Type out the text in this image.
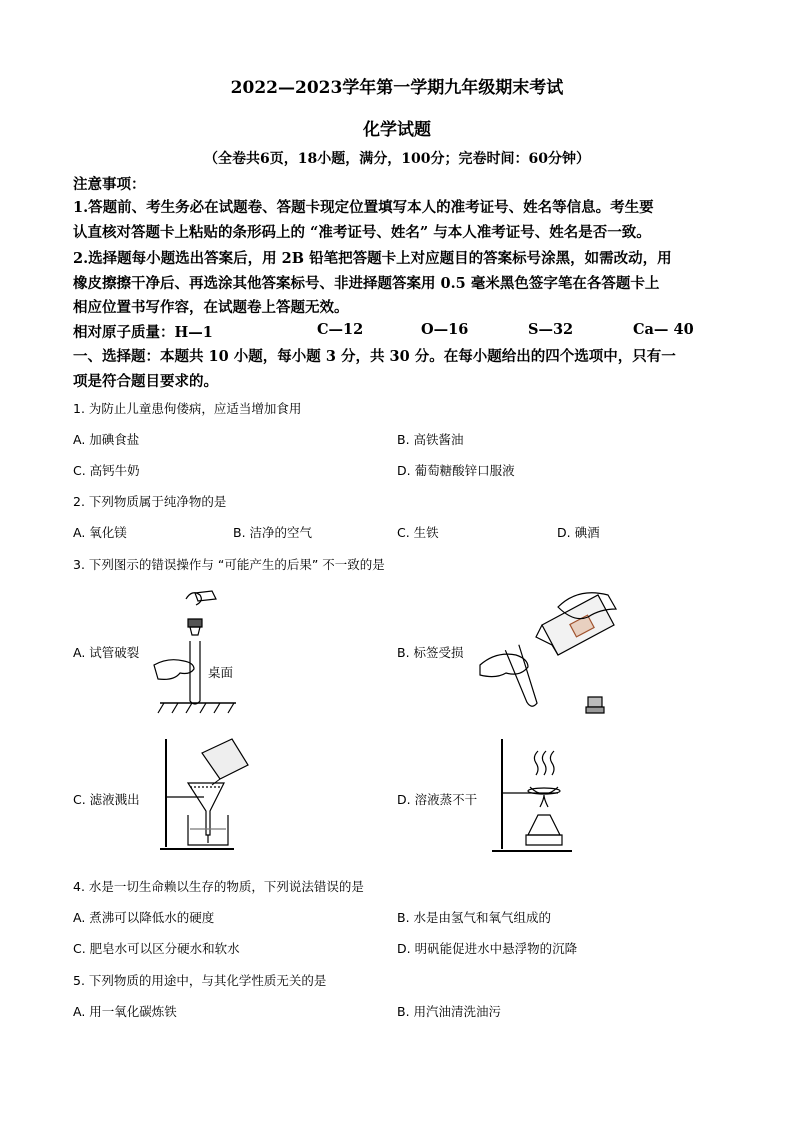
2022—2023学年第一学期九年级期末考试
化学试题
（全卷共6页，18小题，满分，100分；完卷时间：60分钟）
注意事项：
1.答题前、考生务必在试题卷、答题卡现定位置填写本人的准考证号、姓名等信息。考生要
认直核对答题卡上粘贴的条形码上的 “准考证号、姓名” 与本人准考证号、姓名是否一致。
2.选择题每小题选出答案后，用 2B 铅笔把答题卡上对应题目的答案标号涂黑，如需改动，用
橡皮擦擦干净后、再选涂其他答案标号、非进择题答案用 0.5 毫米黑色签字笔在各答题卡上
相应位置书写作容，在试题卷上答题无效。
相对原子质量：H—1	C—12	O—16	S—32	Ca— 40
一、选择题：本题共 10 小题，每小题 3 分，共 30 分。在每小题给出的四个选项中，只有一
项是符合题目要求的。
1. 为防止儿童患佝偻病，应适当增加食用
A. 加碘食盐	B. 高铁酱油
C. 高钙牛奶	D. 葡萄糖酸锌口服液
2. 下列物质属于纯净物的是
A. 氧化镁	B. 洁净的空气	C. 生铁	D. 碘酒
3. 下列图示的错误操作与 “可能产生的后果” 不一致的是
A. 试管破裂
桌面
B. 标签受损
C. 滤液溅出	D. 溶液蒸不干
4. 水是一切生命赖以生存的物质，下列说法错误的是
A. 煮沸可以降低水的硬度	B. 水是由氢气和氧气组成的
C. 肥皂水可以区分硬水和软水	D. 明矾能促进水中悬浮物的沉降
5. 下列物质的用途中，与其化学性质无关的是
A. 用一氧化碳炼铁	B. 用汽油清洗油污
